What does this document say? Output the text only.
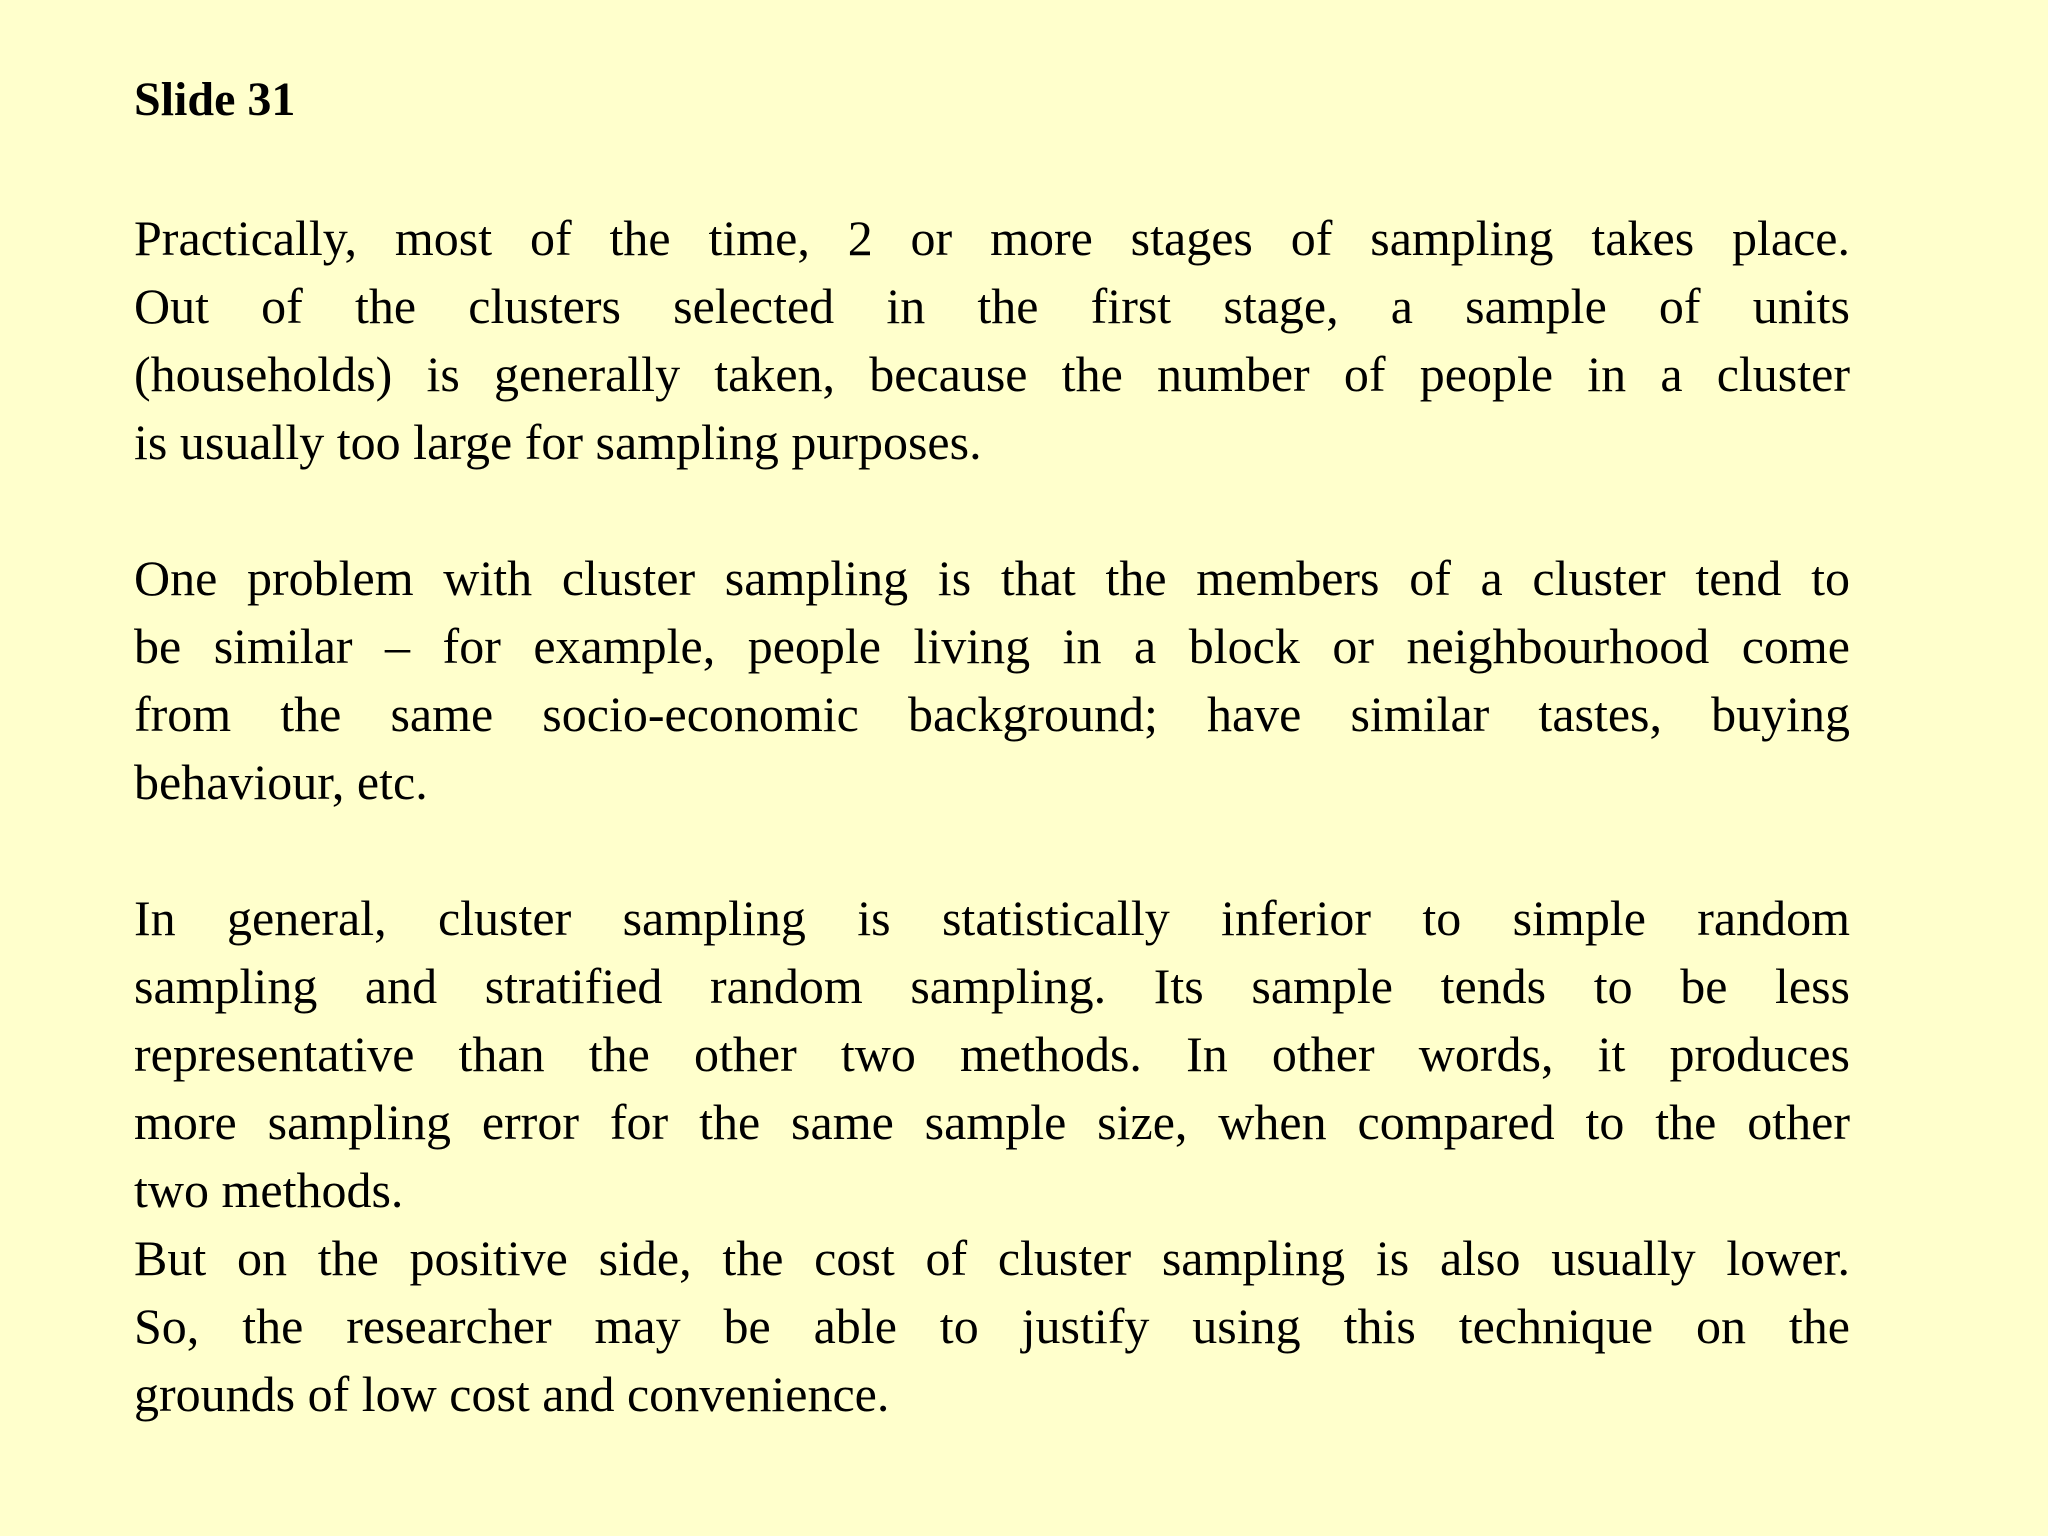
Slide 31

Practically, most of the time, 2 or more stages of sampling takes place.
Out of the clusters selected in the first stage, a sample of units
(households) is generally taken, because the number of people in a cluster
is usually too large for sampling purposes.

One problem with cluster sampling is that the members of a cluster tend to
be similar – for example, people living in a block or neighbourhood come
from the same socio-economic background; have similar tastes, buying
behaviour, etc.

In general, cluster sampling is statistically inferior to simple random
sampling and stratified random sampling. Its sample tends to be less
representative than the other two methods. In other words, it produces
more sampling error for the same sample size, when compared to the other
two methods.
But on the positive side, the cost of cluster sampling is also usually lower.
So, the researcher may be able to justify using this technique on the
grounds of low cost and convenience.
